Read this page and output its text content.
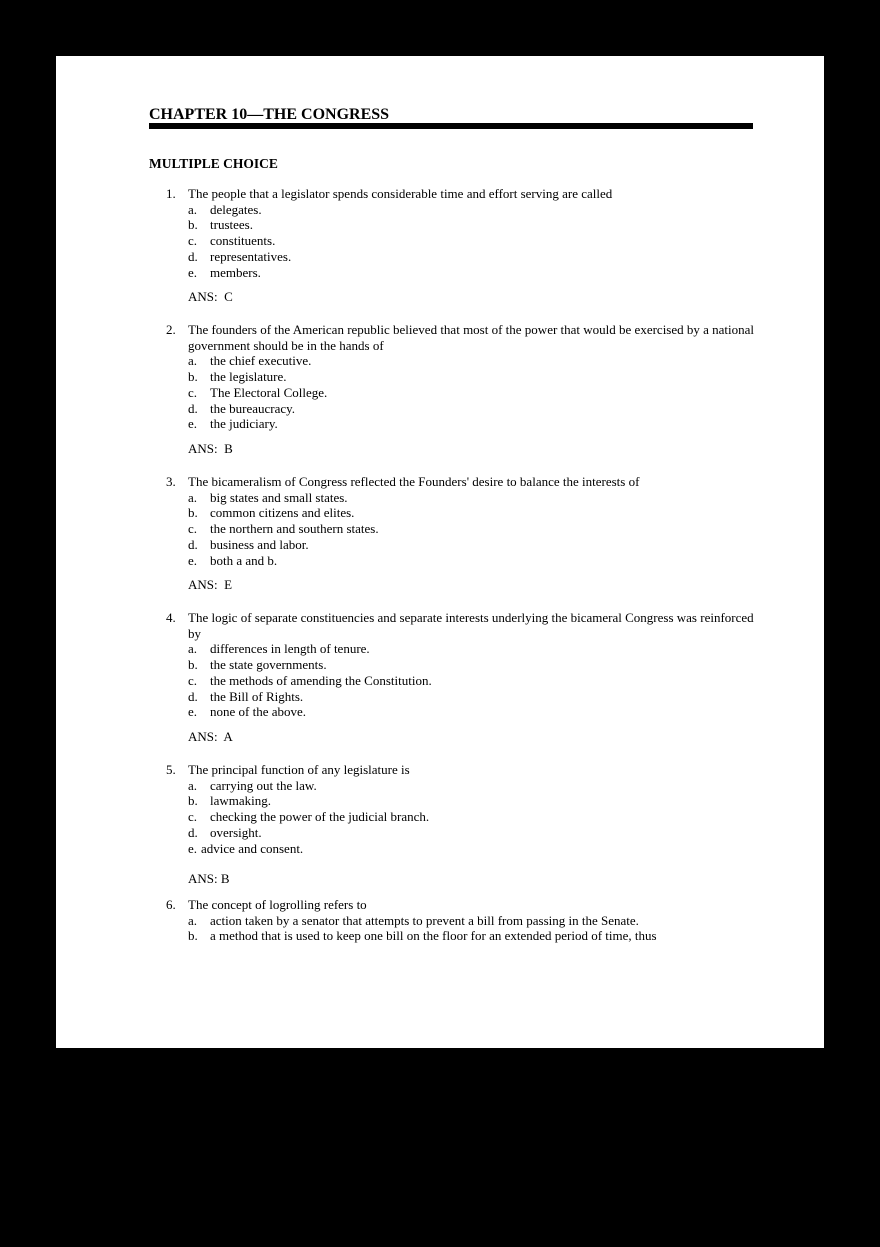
CHAPTER 10—THE CONGRESS
MULTIPLE CHOICE
1. The people that a legislator spends considerable time and effort serving are called
a. delegates.
b. trustees.
c. constituents.
d. representatives.
e. members.
ANS:  C
2. The founders of the American republic believed that most of the power that would be exercised by a national government should be in the hands of
a. the chief executive.
b. the legislature.
c. The Electoral College.
d. the bureaucracy.
e. the judiciary.
ANS:  B
3. The bicameralism of Congress reflected the Founders' desire to balance the interests of
a. big states and small states.
b. common citizens and elites.
c. the northern and southern states.
d. business and labor.
e. both a and b.
ANS:  E
4. The logic of separate constituencies and separate interests underlying the bicameral Congress was reinforced by
a. differences in length of tenure.
b. the state governments.
c. the methods of amending the Constitution.
d. the Bill of Rights.
e. none of the above.
ANS:  A
5. The principal function of any legislature is
a. carrying out the law.
b. lawmaking.
c. checking the power of the judicial branch.
d. oversight.
e. advice and consent.
ANS: B
6. The concept of logrolling refers to
a. action taken by a senator that attempts to prevent a bill from passing in the Senate.
b. a method that is used to keep one bill on the floor for an extended period of time, thus
